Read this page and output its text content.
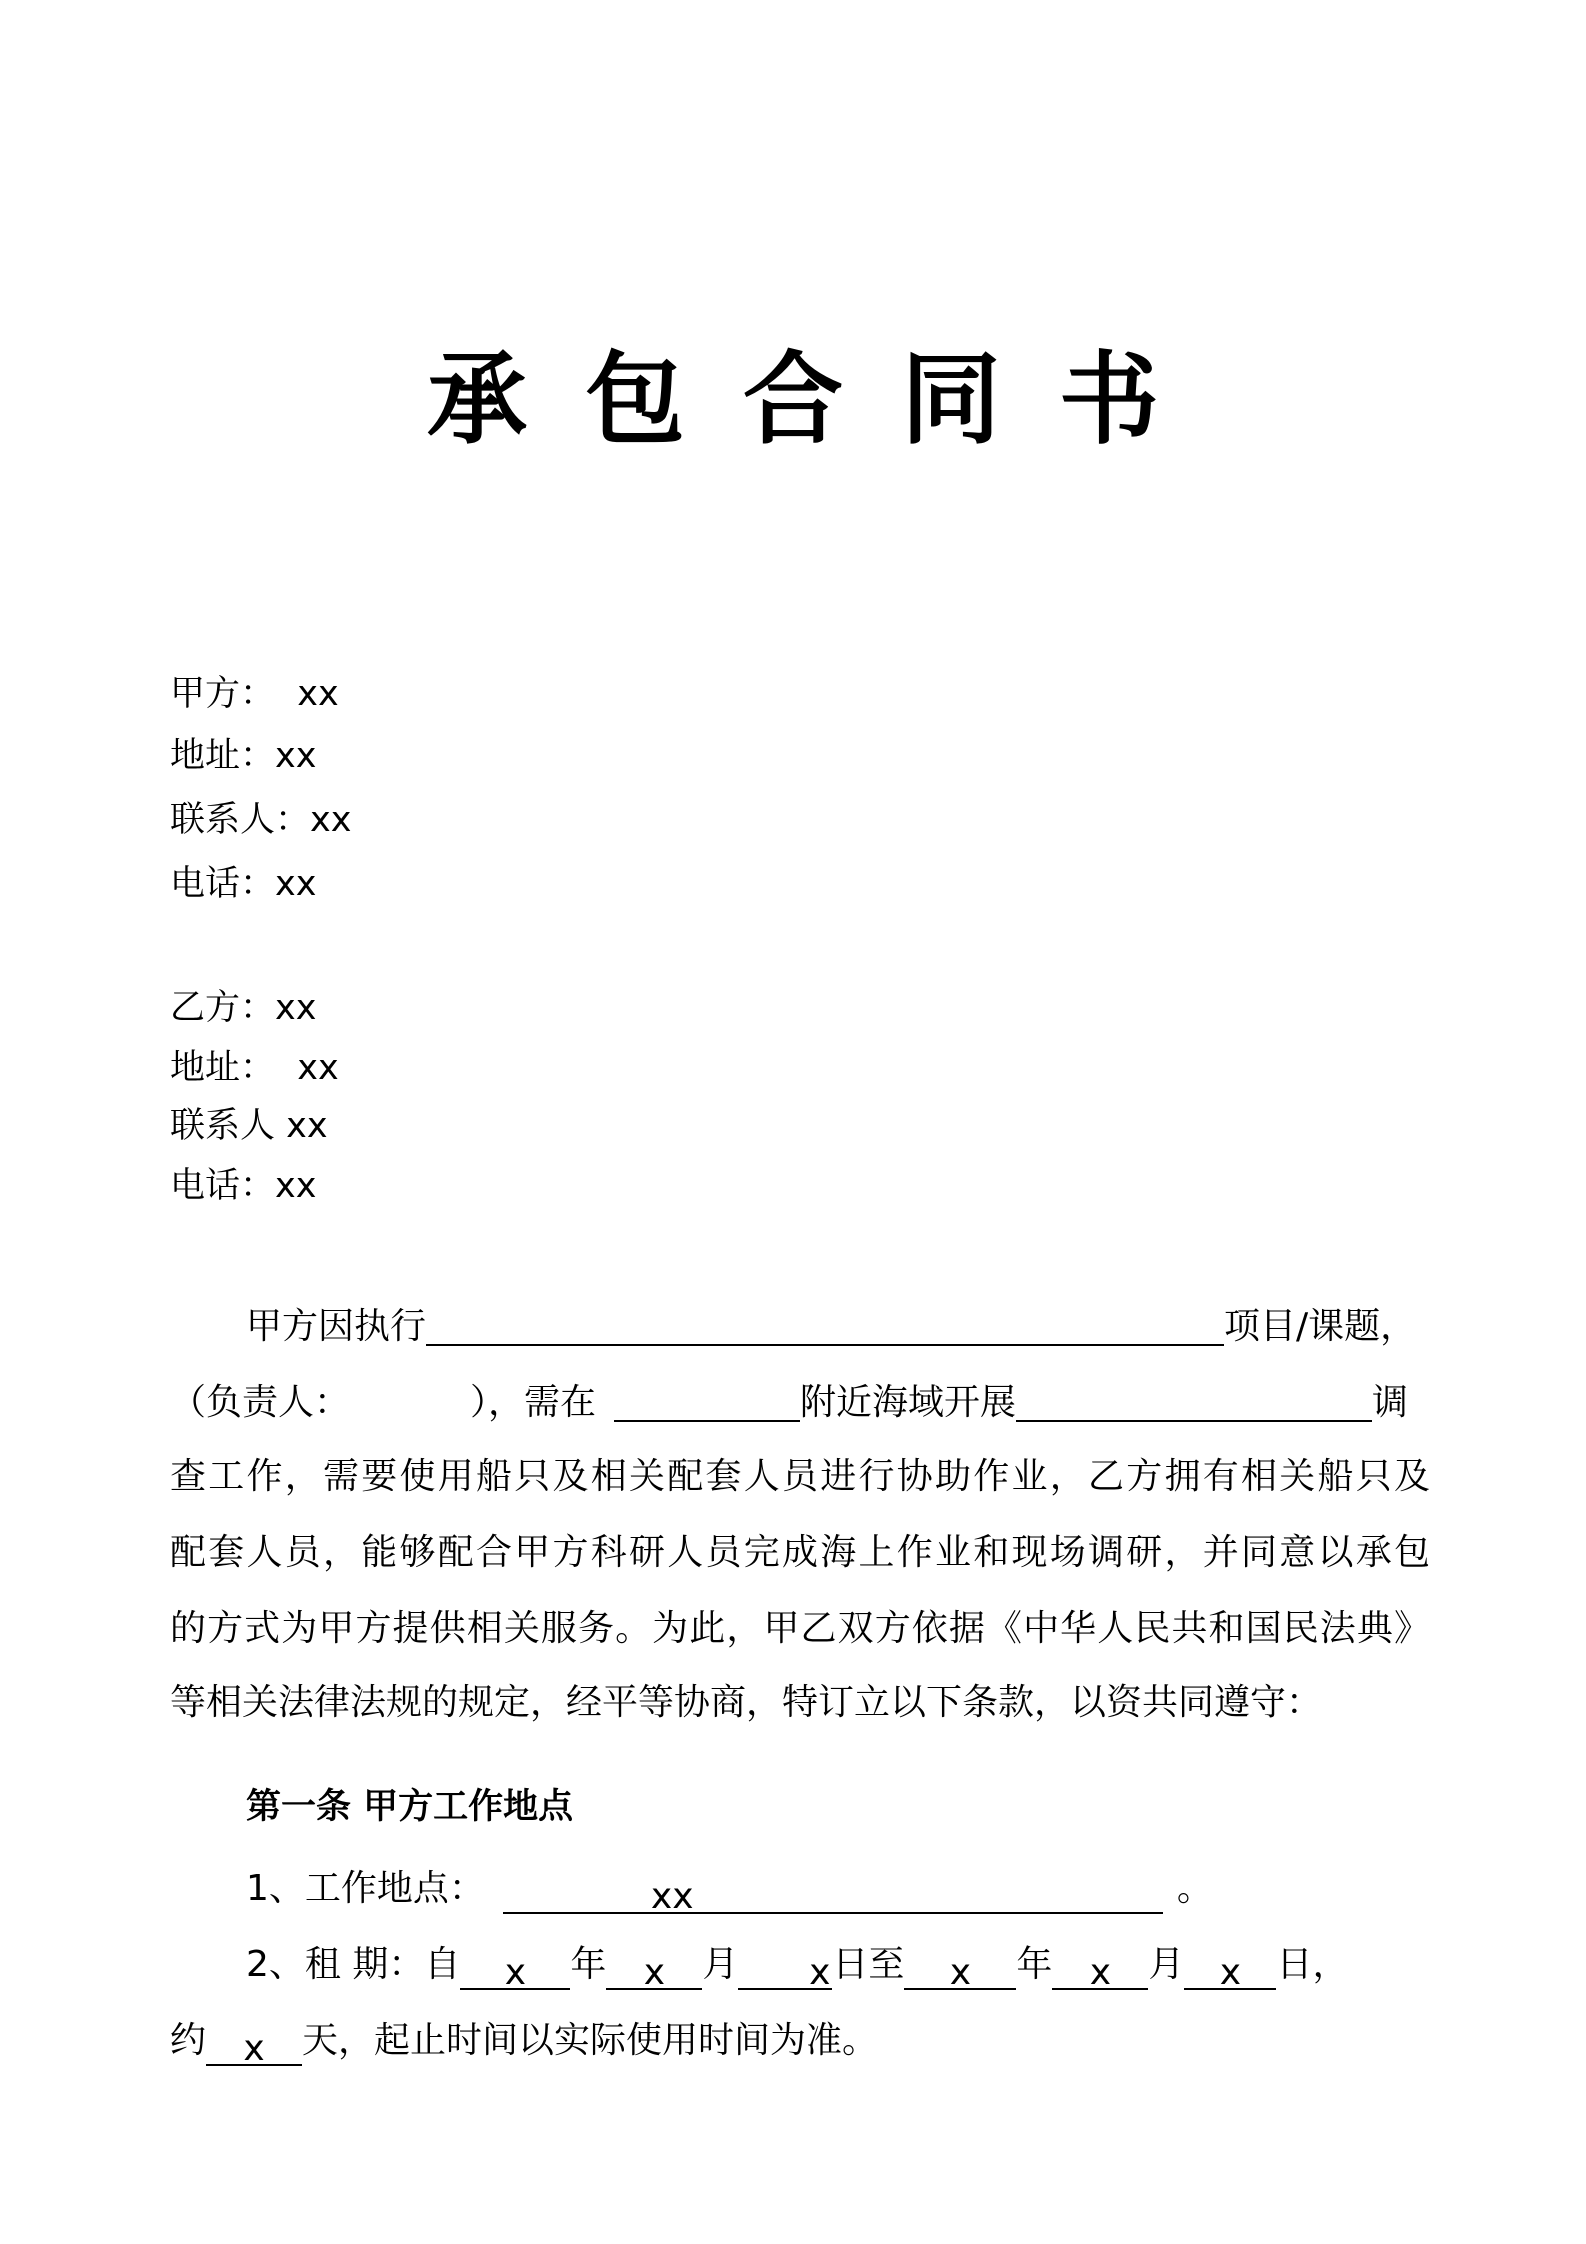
承包合同书
甲方：  xx
地址：xx
联系人：xx
电话：xx
乙方：xx
地址：  xx
联系人 xx
电话：xx
甲方因执行	项目/课题，
（负责人：	），需在	附近海域开展	调
查工作，需要使用船只及相关配套人员进行协助作业，乙方拥有相关船只及
配套人员，能够配合甲方科研人员完成海上作业和现场调研，并同意以承包
的方式为甲方提供相关服务。为此，甲乙双方依据《中华人民共和国民法典》
等相关法律法规的规定，经平等协商，特订立以下条款，以资共同遵守：
第一条 甲方工作地点
1、工作地点：	xx	。
2、租 期：自 x 年 x 月 x日至 x 年 x 月 x 日，
约 x 天，起止时间以实际使用时间为准。
